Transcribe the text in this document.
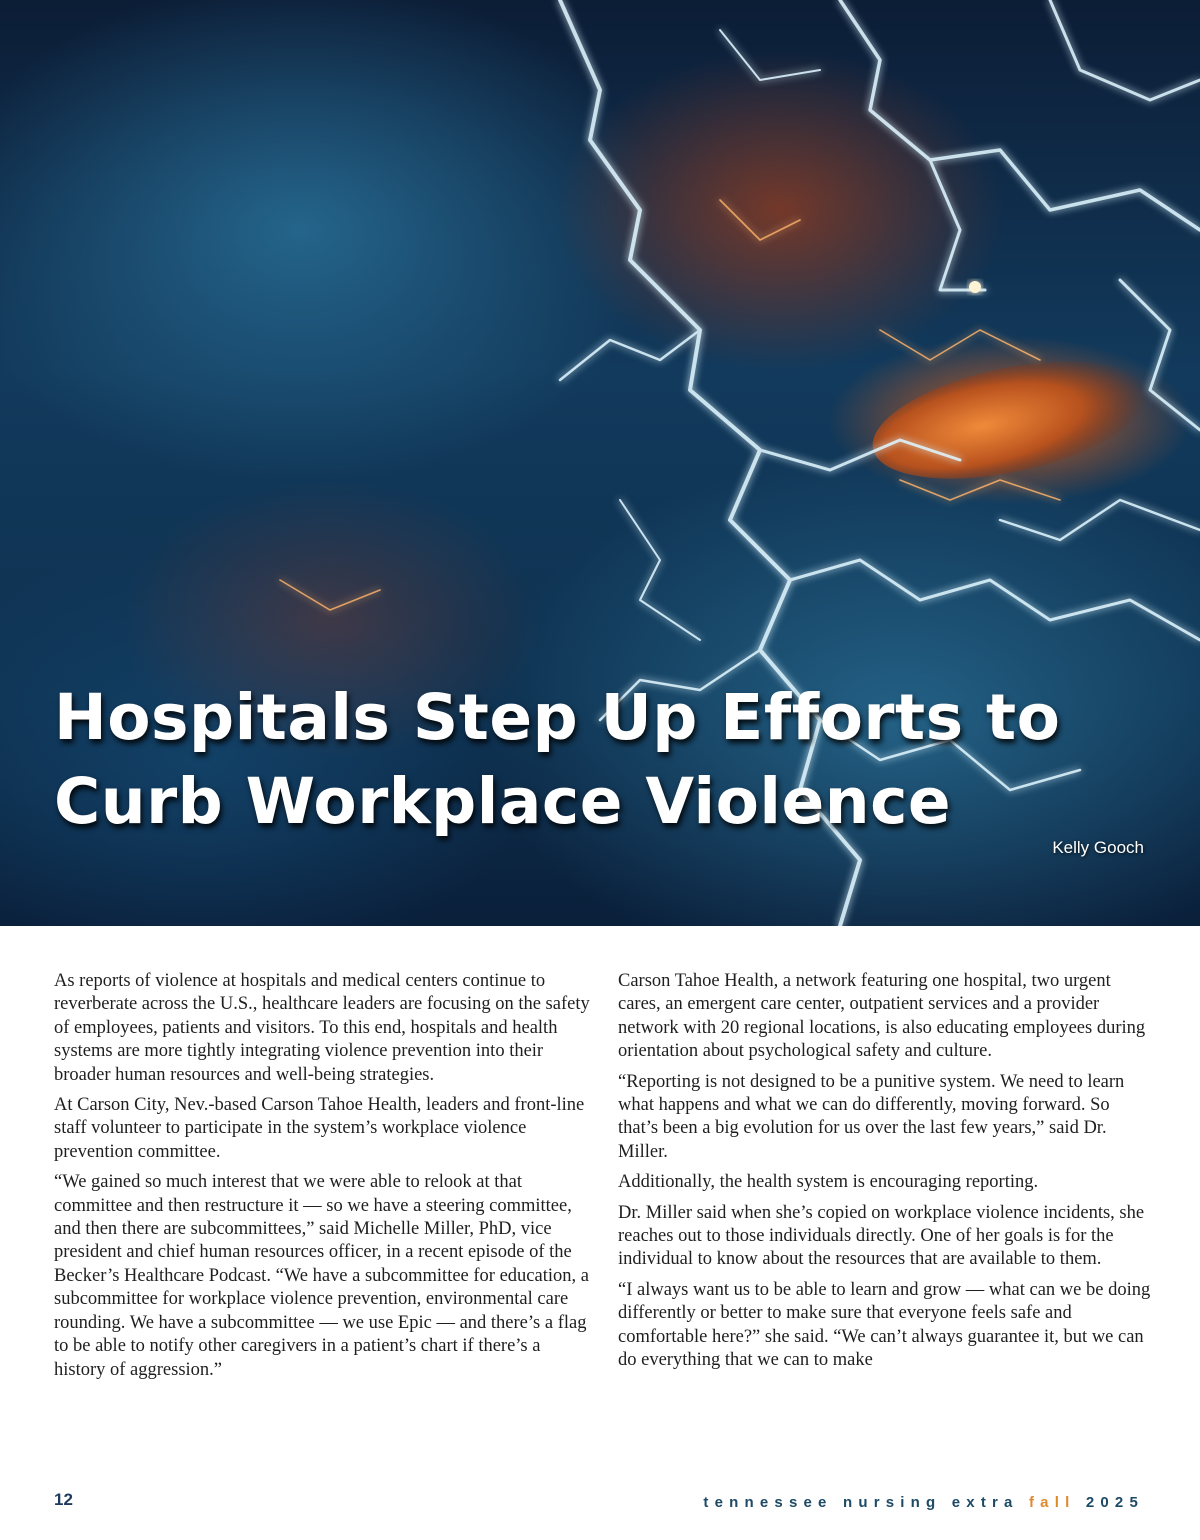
Hospitals Step Up Efforts to
Curb Workplace Violence

Kelly Gooch

As reports of violence at hospitals and medical centers continue to reverberate across the U.S., healthcare leaders are focusing on the safety of employees, patients and visitors. To this end, hospitals and health systems are more tightly integrating violence prevention into their broader human resources and well-being strategies.

At Carson City, Nev.-based Carson Tahoe Health, leaders and front-line staff volunteer to participate in the system’s workplace violence prevention committee.

“We gained so much interest that we were able to relook at that committee and then restructure it — so we have a steering committee, and then there are subcommittees,” said Michelle Miller, PhD, vice president and chief human resources officer, in a recent episode of the Becker’s Healthcare Podcast. “We have a subcommittee for education, a subcommittee for workplace violence prevention, environmental care rounding. We have a subcommittee — we use Epic — and there’s a flag to be able to notify other caregivers in a patient’s chart if there’s a history of aggression.”

Carson Tahoe Health, a network featuring one hospital, two urgent cares, an emergent care center, outpatient services and a provider network with 20 regional locations, is also educating employees during orientation about psychological safety and culture.

“Reporting is not designed to be a punitive system. We need to learn what happens and what we can do differently, moving forward. So that’s been a big evolution for us over the last few years,” said Dr. Miller.

Additionally, the health system is encouraging reporting.

Dr. Miller said when she’s copied on workplace violence incidents, she reaches out to those individuals directly. One of her goals is for the individual to know about the resources that are available to them.

“I always want us to be able to learn and grow — what can we be doing differently or better to make sure that everyone feels safe and comfortable here?” she said. “We can’t always guarantee it, but we can do everything that we can to make

12	tennessee nursing extra fall 2025
